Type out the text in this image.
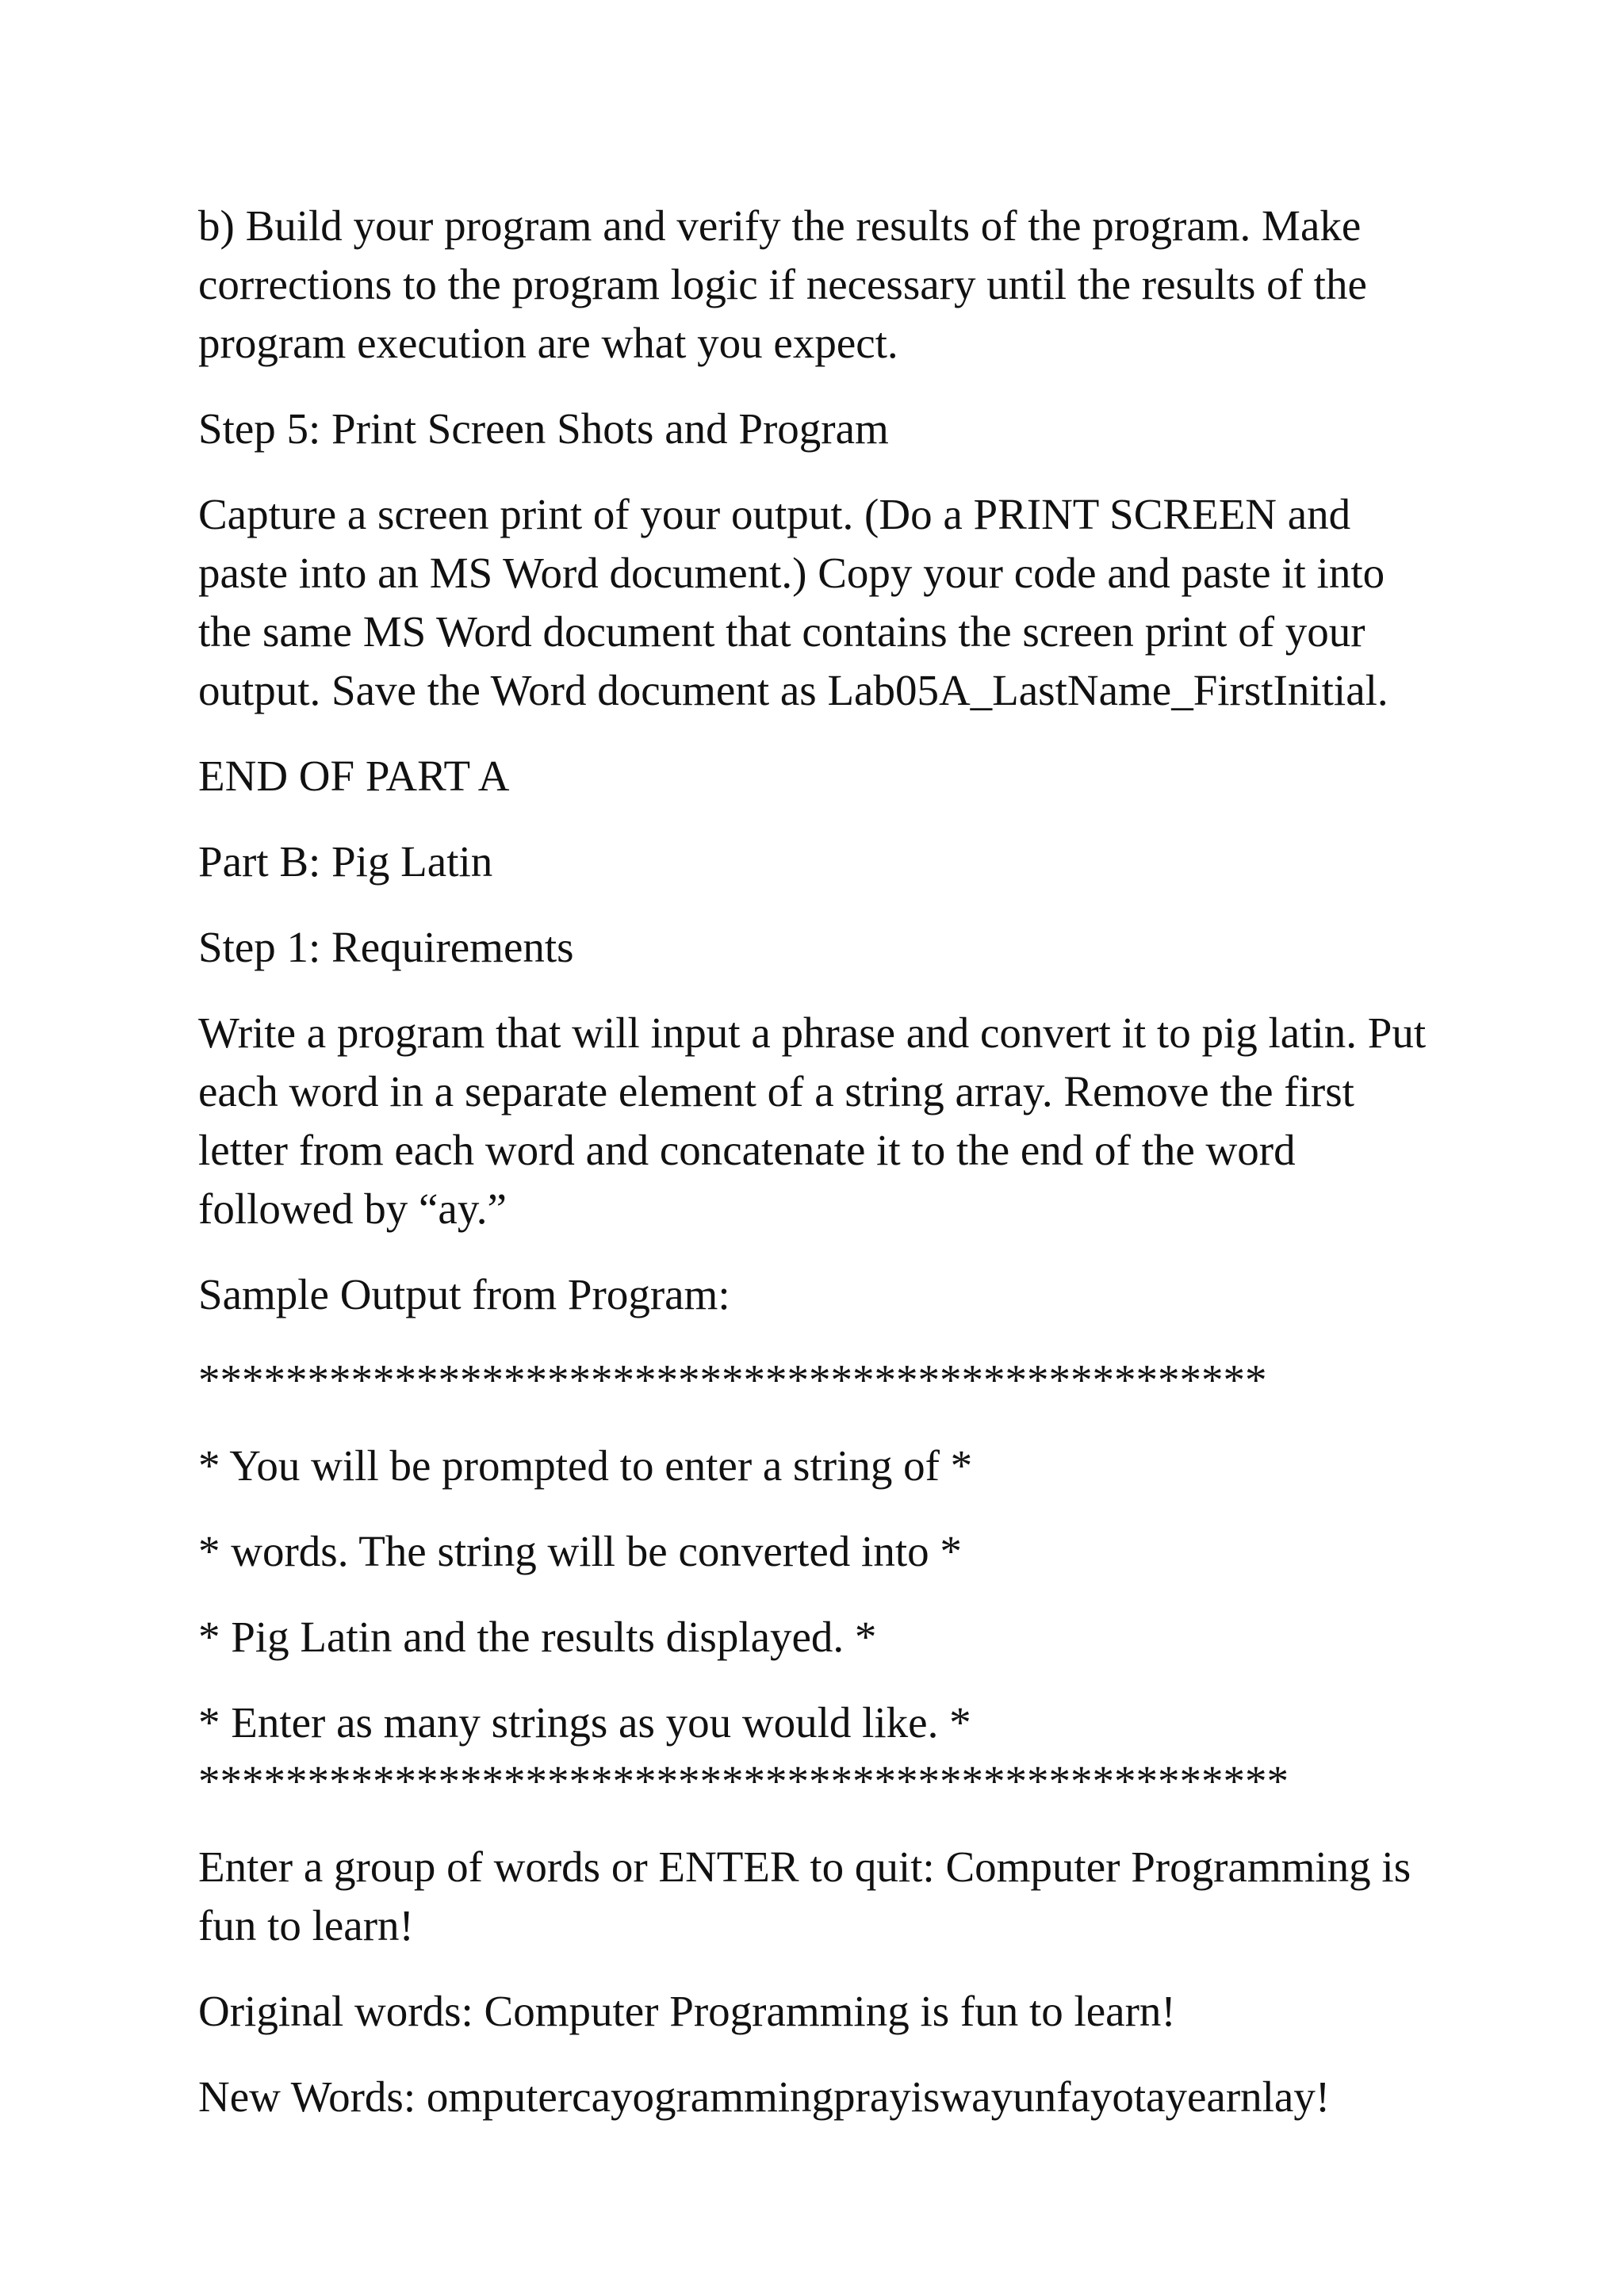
b) Build your program and verify the results of the program. Make
corrections to the program logic if necessary until the results of the
program execution are what you expect.

Step 5: Print Screen Shots and Program

Capture a screen print of your output. (Do a PRINT SCREEN and
paste into an MS Word document.) Copy your code and paste it into
the same MS Word document that contains the screen print of your
output. Save the Word document as Lab05A_LastName_FirstInitial.

END OF PART A

Part B: Pig Latin

Step 1: Requirements

Write a program that will input a phrase and convert it to pig latin. Put
each word in a separate element of a string array. Remove the first
letter from each word and concatenate it to the end of the word
followed by “ay.”

Sample Output from Program:

*************************************************

* You will be prompted to enter a string of *

* words. The string will be converted into *

* Pig Latin and the results displayed. *

* Enter as many strings as you would like. *

**************************************************

Enter a group of words or ENTER to quit: Computer Programming is
fun to learn!

Original words: Computer Programming is fun to learn!

New Words: omputercayogrammingprayiswayunfayotayearnlay!
